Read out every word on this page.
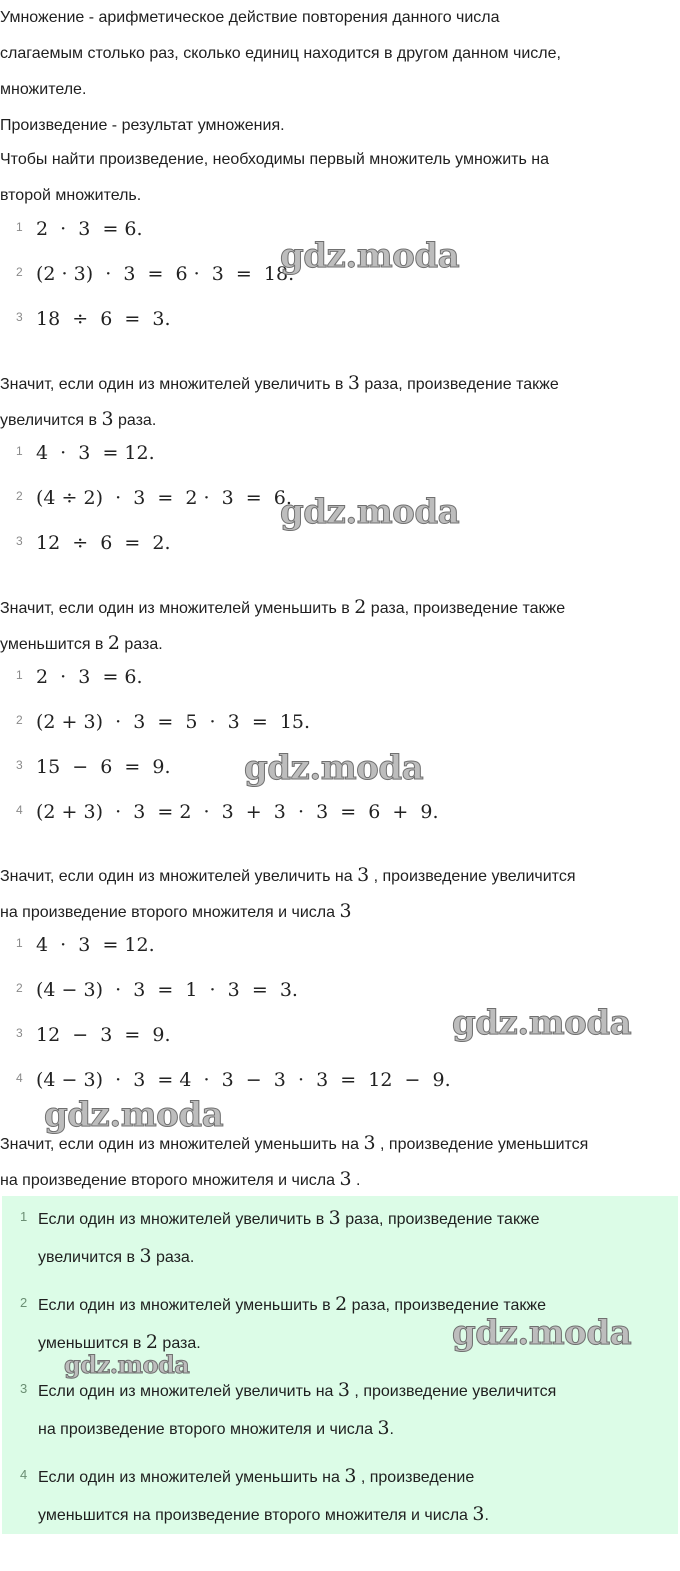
Умножение - арифметическое действие повторения данного числа

слагаемым столько раз, сколько единиц находится в другом данном числе,

множителе.

Произведение - результат умножения.

Чтобы найти произведение, необходимы первый множитель умножить на

второй множитель.

1 2  ·  3  = 6.
2 (2 · 3)  ·  3  =  6 ·  3  =  18.
3 18  ÷  6  =  3.

Значит, если один из множителей увеличить в 3 раза, произведение также

увеличится в 3 раза.

1 4  ·  3  = 12.
2 (4 ÷ 2)  ·  3  =  2 ·  3  =  6.
3 12  ÷  6  =  2.

Значит, если один из множителей уменьшить в 2 раза, произведение также

уменьшится в 2 раза.

1 2  ·  3  = 6.
2 (2 + 3)  ·  3  =  5  ·  3  =  15.
3 15  −  6  =  9.
4 (2 + 3)  ·  3  = 2  ·  3  +  3  ·  3  =  6  +  9.

Значит, если один из множителей увеличить на 3 , произведение увеличится

на произведение второго множителя и числа 3

1 4  ·  3  = 12.
2 (4 − 3)  ·  3  =  1  ·  3  =  3.
3 12  −  3  =  9.
4 (4 − 3)  ·  3  = 4  ·  3  −  3  ·  3  =  12  −  9.

Значит, если один из множителей уменьшить на 3 , произведение уменьшится

на произведение второго множителя и числа 3 .

1 Если один из множителей увеличить в 3 раза, произведение также
увеличится в 3 раза.
2 Если один из множителей уменьшить в 2 раза, произведение также
уменьшится в 2 раза.
3 Если один из множителей увеличить на 3 , произведение увеличится
на произведение второго множителя и числа 3.
4 Если один из множителей уменьшить на 3 , произведение
уменьшится на произведение второго множителя и числа 3.
gdz.moda
gdz.moda
gdz.moda
gdz.moda
gdz.moda
gdz.moda
gdz.moda
